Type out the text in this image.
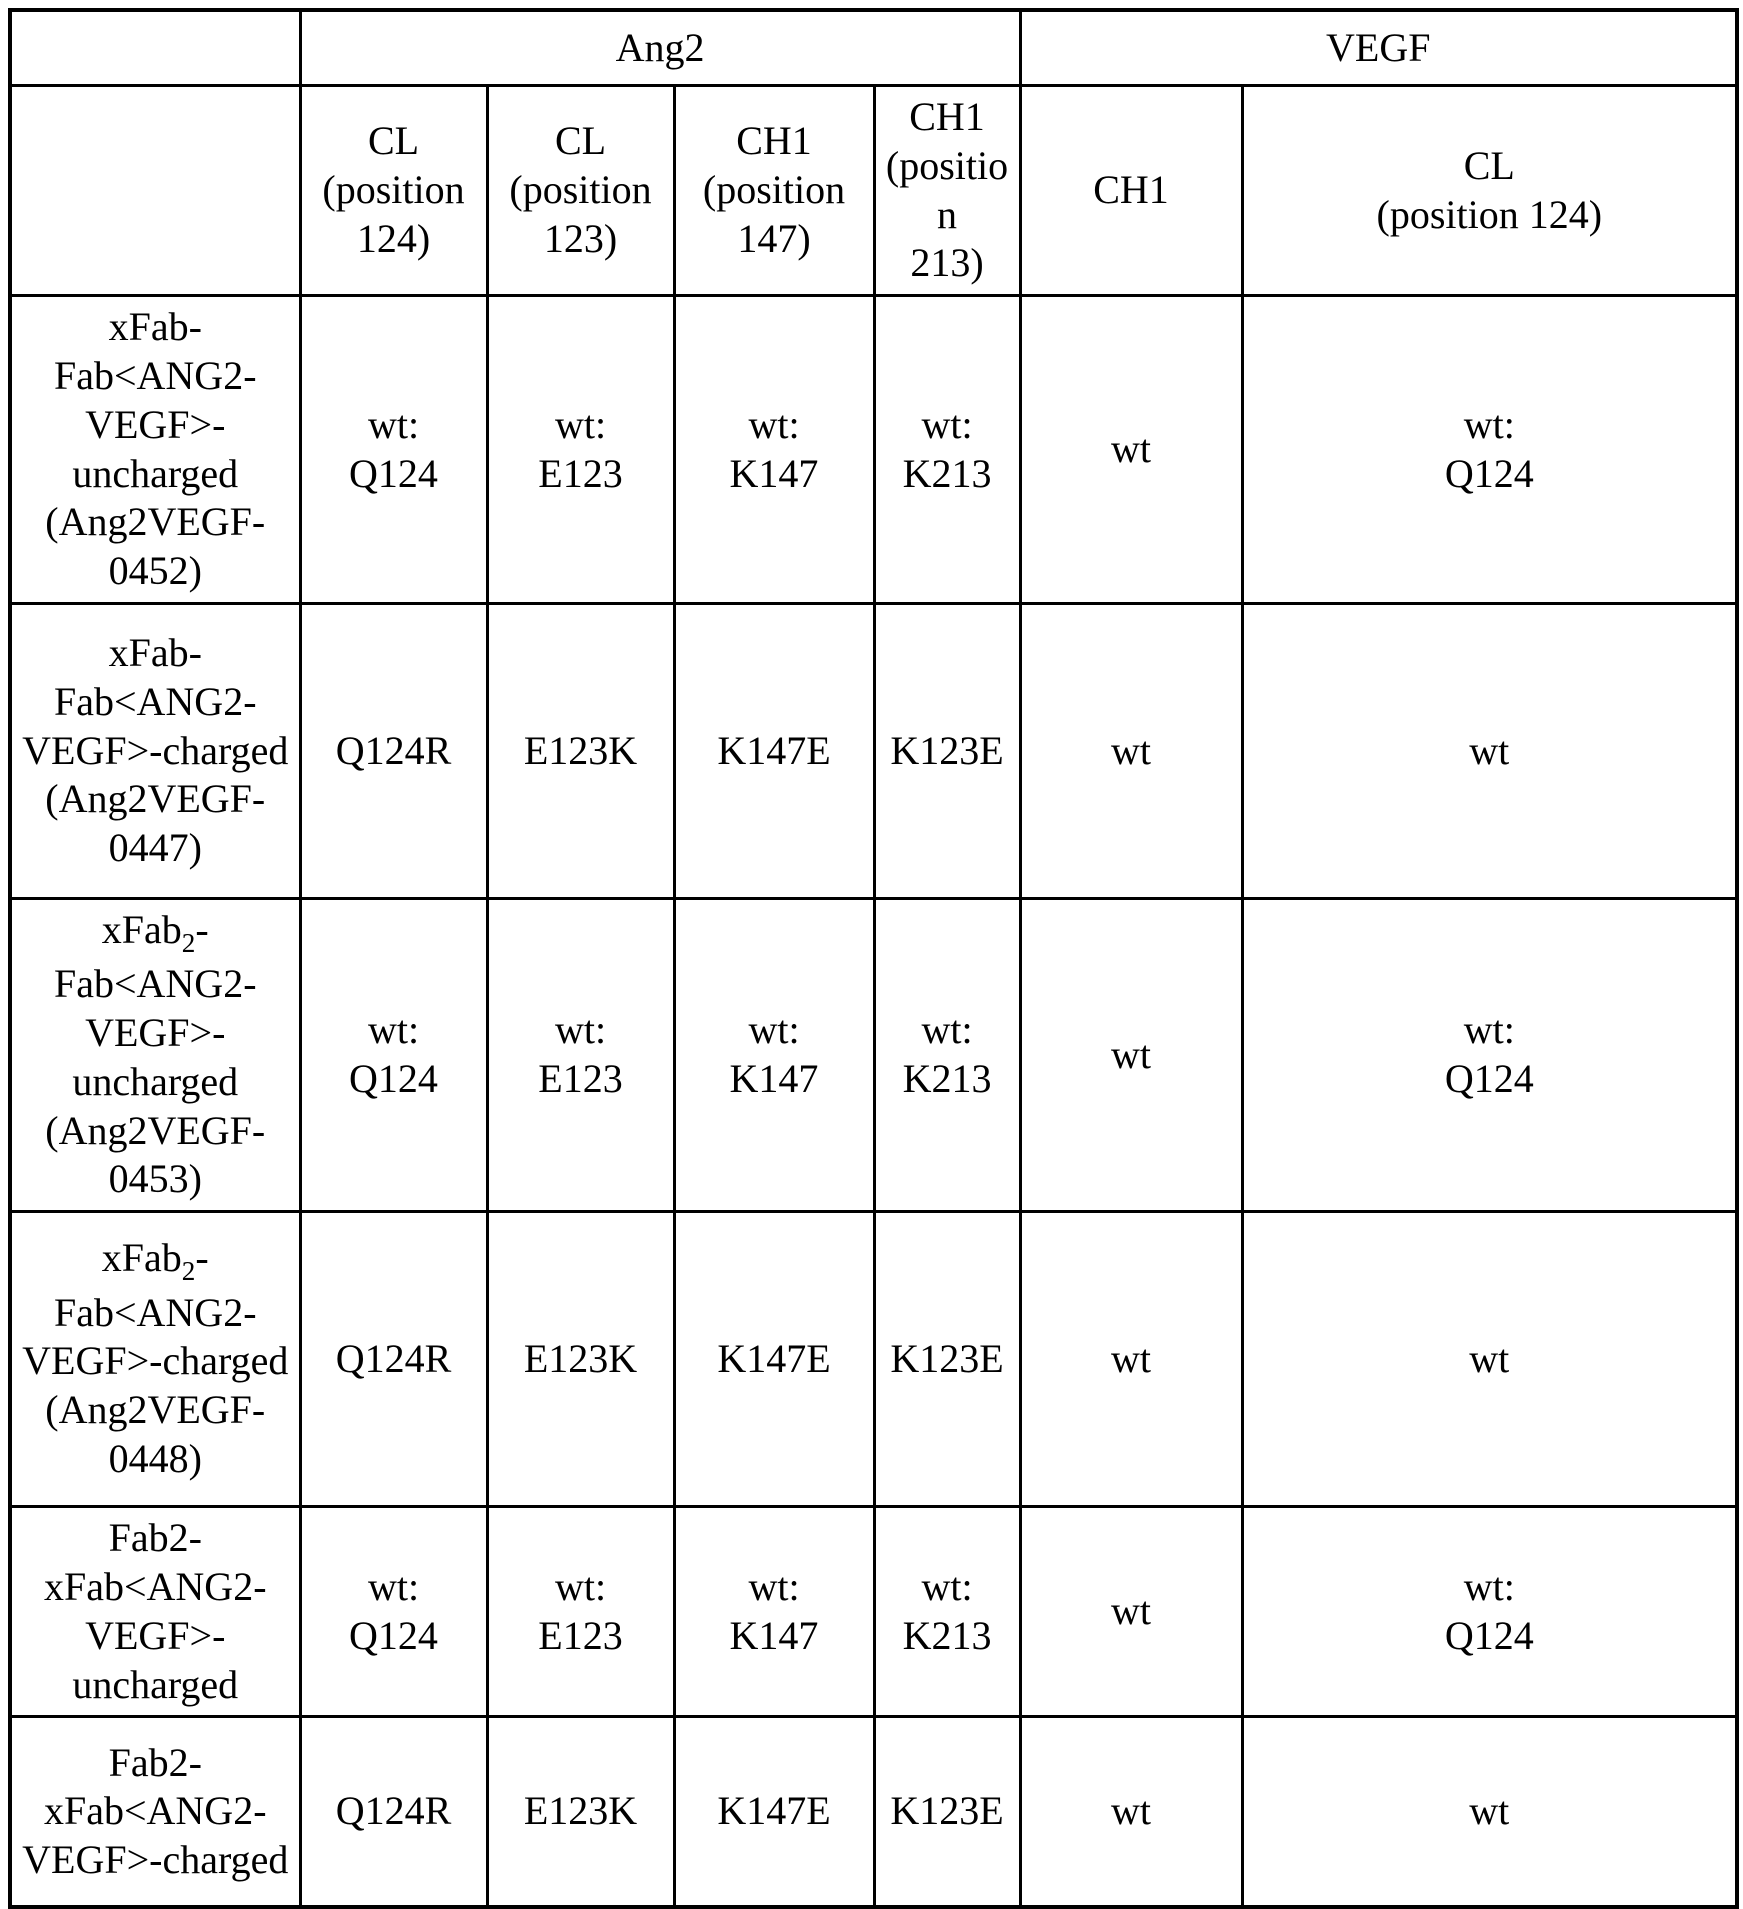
	Ang2				VEGF	
	CL
(position
124)	CL
(position
123)	CH1
(position
147)	CH1
(position
213)	CH1	CL
(position 124)
xFab-
Fab<ANG2-
VEGF>-
uncharged
(Ang2VEGF-
0452)	wt:
Q124
	wt:
E123
	wt:
K147
	wt:
K213
	wt	wt:
Q124

xFab-
Fab<ANG2-
VEGF>-charged
(Ang2VEGF-
0447)	Q124R	E123K	K147E	K123E	wt	wt
xFab$_2$-
Fab<ANG2-
VEGF>-
uncharged
(Ang2VEGF-
0453)	wt:
Q124
	wt:
E123
	wt:
K147
	wt:
K213
	wt	wt:
Q124

xFab$_2$-
Fab<ANG2-
VEGF>-charged
(Ang2VEGF-
0448)	Q124R	E123K	K147E	K123E	wt	wt
Fab2-
xFab<ANG2-
VEGF>-
uncharged	wt:
Q124	wt:
E123	wt:
K147	wt:
K213	wt	wt:
Q124

Fab2-
xFab<ANG2-
VEGF>-charged	Q124R	E123K	K147E	K123E	wt	wt
